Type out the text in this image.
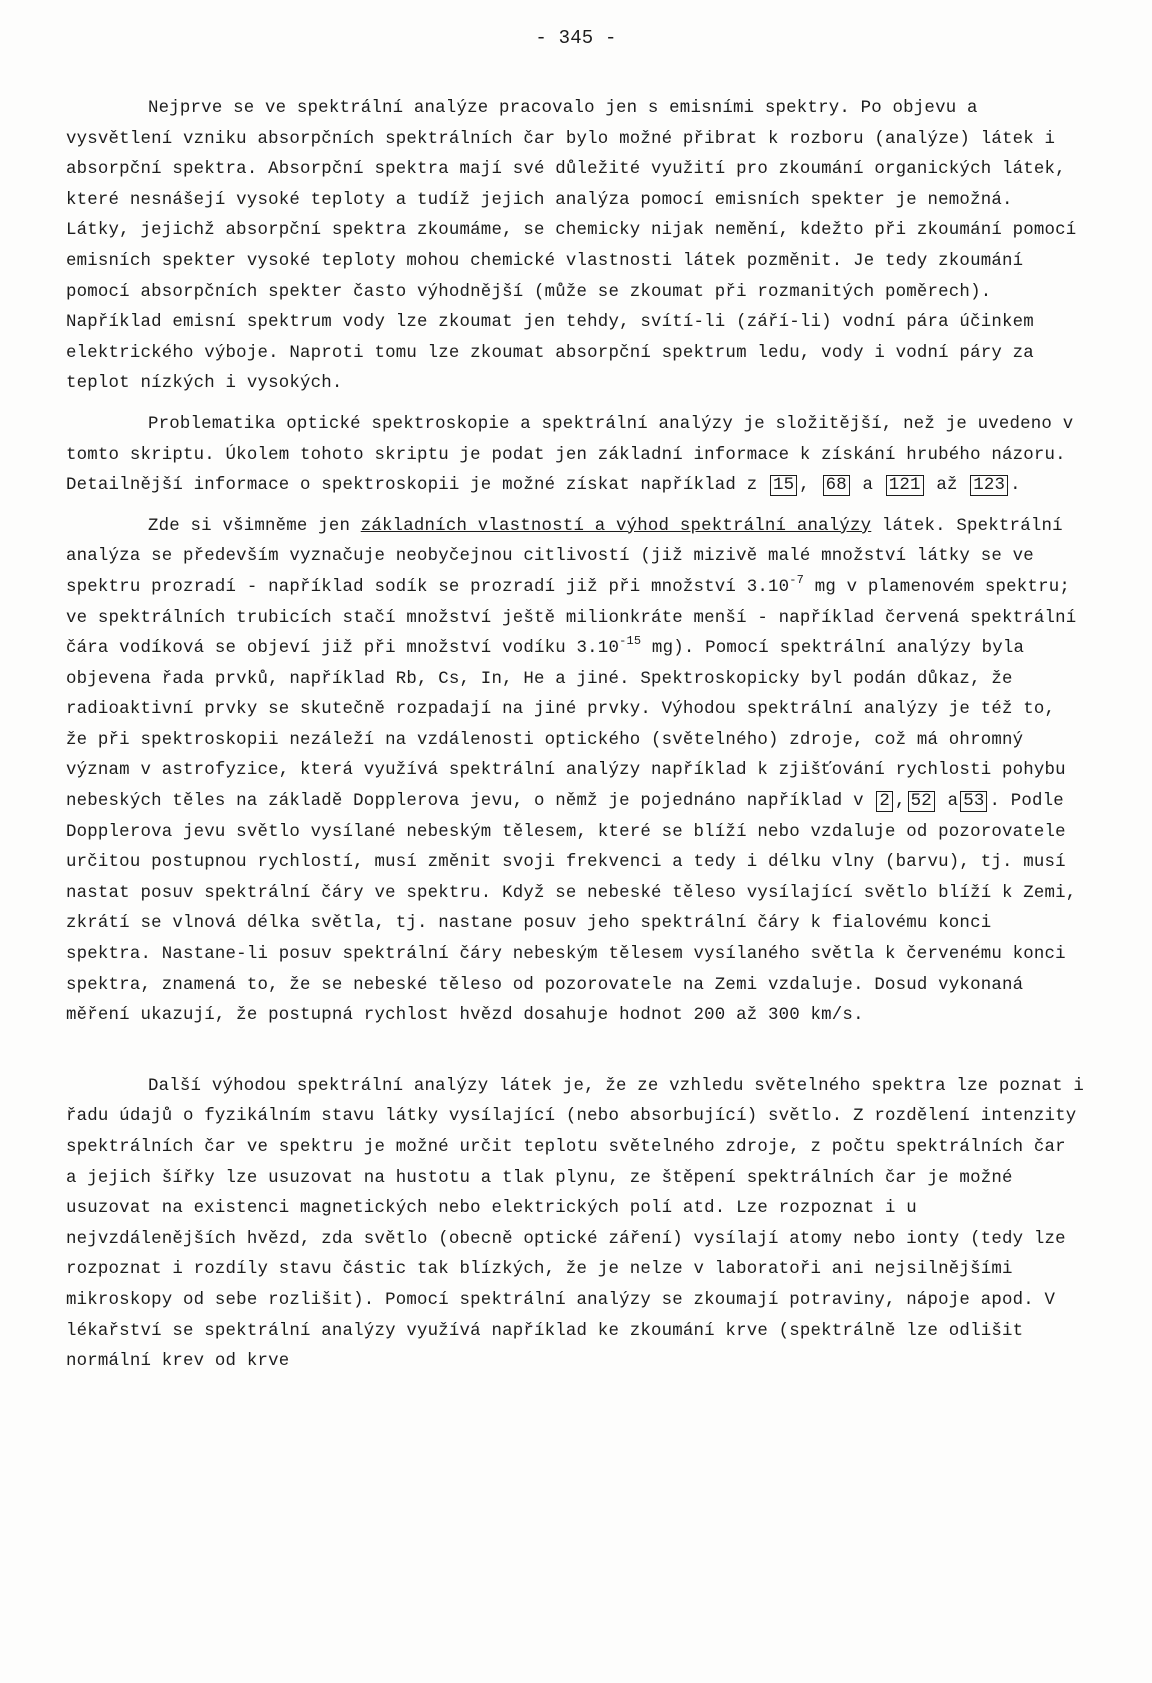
- 345 -

Nejprve se ve spektrální analýze pracovalo jen s emisními spektry. Po objevu a vysvětlení vzniku absorpčních spektrálních čar bylo možné přibrat k rozboru (analýze) látek i absorpční spektra. Absorpční spektra mají své důležité využití pro zkoumání organických látek, které nesnášejí vysoké teploty a tudíž jejich analýza pomocí emisních spekter je nemožná. Látky, jejichž absorpční spektra zkoumáme, se chemicky nijak nemění, kdežto při zkoumání pomocí emisních spekter vysoké teploty mohou chemické vlastnosti látek pozměnit. Je tedy zkoumání pomocí absorpčních spekter často výhodnější (může se zkoumat při rozmanitých poměrech). Například emisní spektrum vody lze zkoumat jen tehdy, svítí-li (září-li) vodní pára účinkem elektrického výboje. Naproti tomu lze zkoumat absorpční spektrum ledu, vody i vodní páry za teplot nízkých i vysokých.

Problematika optické spektroskopie a spektrální analýzy je složitější, než je uvedeno v tomto skriptu. Úkolem tohoto skriptu je podat jen základní informace k získání hrubého názoru. Detailnější informace o spektroskopii je možné získat například z 15 , 68 a 121 až 123 .

Zde si všimněme jen základních vlastností a výhod spektrální analýzy látek. Spektrální analýza se především vyznačuje neobyčejnou citlivostí (již mizivě malé množství látky se ve spektru prozradí - například sodík se prozradí již při množství $3.10^{-7}$ mg v plamenovém spektru; ve spektrálních trubicích stačí množství ještě milionkráte menší - například červená spektrální čára vodíková se objeví již při množství vodíku $3.10^{-15}$ mg). Pomocí spektrální analýzy byla objevena řada prvků, například Rb, Cs, In, He a jiné. Spektroskopicky byl podán důkaz, že radioaktivní prvky se skutečně rozpadají na jiné prvky. Výhodou spektrální analýzy je též to, že při spektroskopii nezáleží na vzdálenosti optického (světelného) zdroje, což má ohromný význam v astrofyzice, která využívá spektrální analýzy například k zjišťování rychlosti pohybu nebeských těles na základě Dopplerova jevu, o němž je pojednáno například v 2 , 52 a 53 . Podle Dopplerova jevu světlo vysílané nebeským tělesem, které se blíží nebo vzdaluje od pozorovatele určitou postupnou rychlostí, musí změnit svoji frekvenci a tedy i délku vlny (barvu), tj. musí nastat posuv spektrální čáry ve spektru. Když se nebeské těleso vysílající světlo blíží k Zemi, zkrátí se vlnová délka světla, tj. nastane posuv jeho spektrální čáry k fialovému konci spektra. Nastane-li posuv spektrální čáry nebeským tělesem vysílaného světla k červenému konci spektra, znamená to, že se nebeské těleso od pozorovatele na Zemi vzdaluje. Dosud vykonaná měření ukazují, že postupná rychlost hvězd dosahuje hodnot 200 až 300 km/s.

Další výhodou spektrální analýzy látek je, že ze vzhledu světelného spektra lze poznat i řadu údajů o fyzikálním stavu látky vysílající (nebo absorbující) světlo. Z rozdělení intenzity spektrálních čar ve spektru je možné určit teplotu světelného zdroje, z počtu spektrálních čar a jejich šířky lze usuzovat na hustotu a tlak plynu, ze štěpení spektrálních čar je možné usuzovat na existenci magnetických nebo elektrických polí atd. Lze rozpoznat i u nejvzdálenějších hvězd, zda světlo (obecně optické záření) vysílají atomy nebo ionty (tedy lze rozpoznat i rozdíly stavu částic tak blízkých, že je nelze v laboratoři ani nejsilnějšími mikroskopy od sebe rozlišit). Pomocí spektrální analýzy se zkoumají potraviny, nápoje apod. V lékařství se spektrální analýzy využívá například ke zkoumání krve (spektrálně lze odlišit normální krev od krve
